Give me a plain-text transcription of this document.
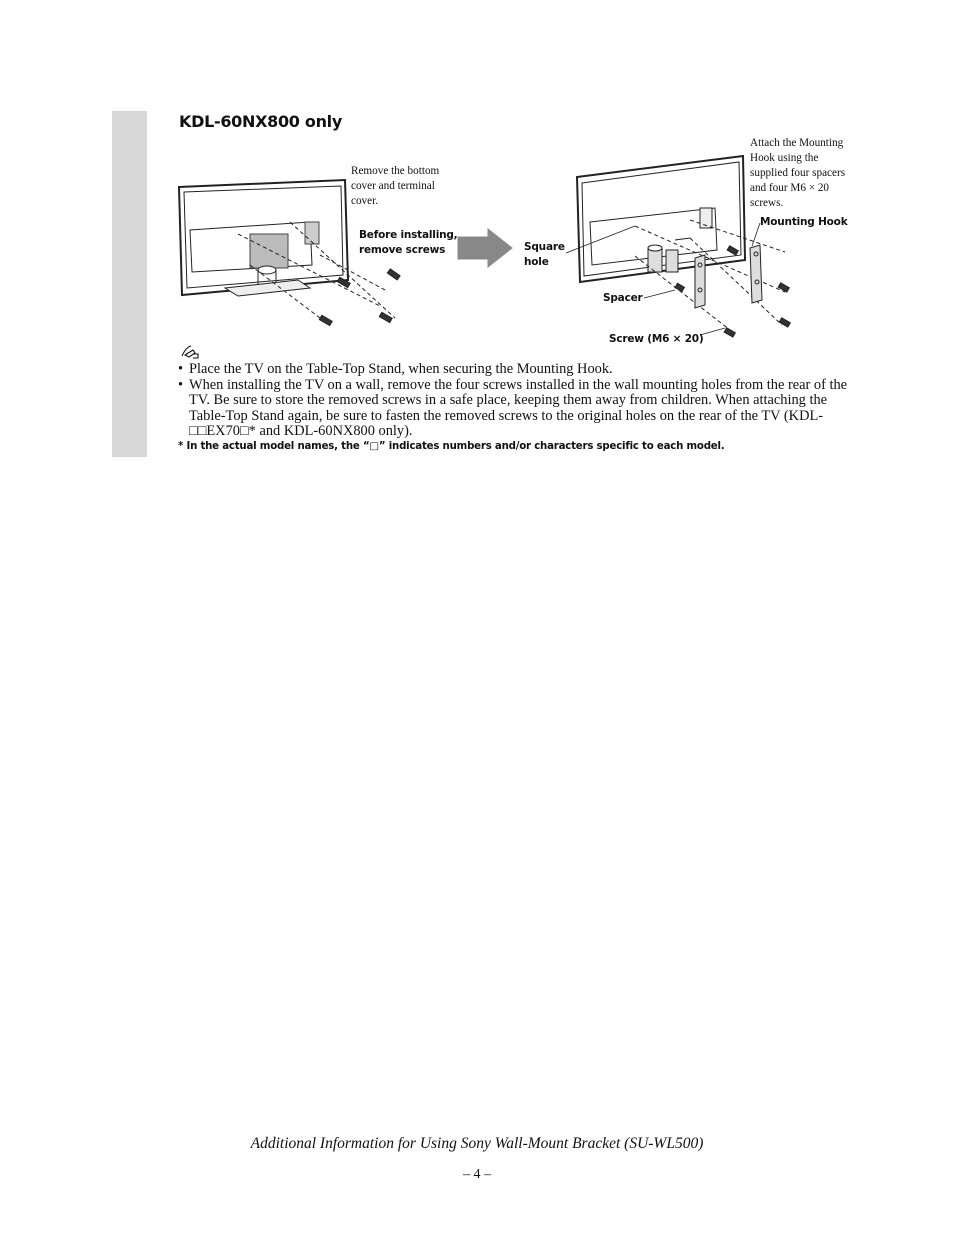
KDL-60NX800 only
Remove the bottom
cover and terminal
cover.
Before installing,
remove screws
Attach the Mounting
Hook using the
supplied four spacers
and four M6 × 20
screws.
Mounting Hook
Square
hole
Spacer
Screw (M6 × 20)
• Place the TV on the Table-Top Stand, when securing the Mounting Hook.
• When installing the TV on a wall, remove the four screws installed in the wall mounting holes from the rear of the TV. Be sure to store the removed screws in a safe place, keeping them away from children. When attaching the Table-Top Stand again, be sure to fasten the removed screws to the original holes on the rear of the TV (KDL-□□EX70□* and KDL-60NX800 only).
* In the actual model names, the “□” indicates numbers and/or characters specific to each model.
Additional Information for Using Sony Wall-Mount Bracket (SU-WL500)
– 4 –
